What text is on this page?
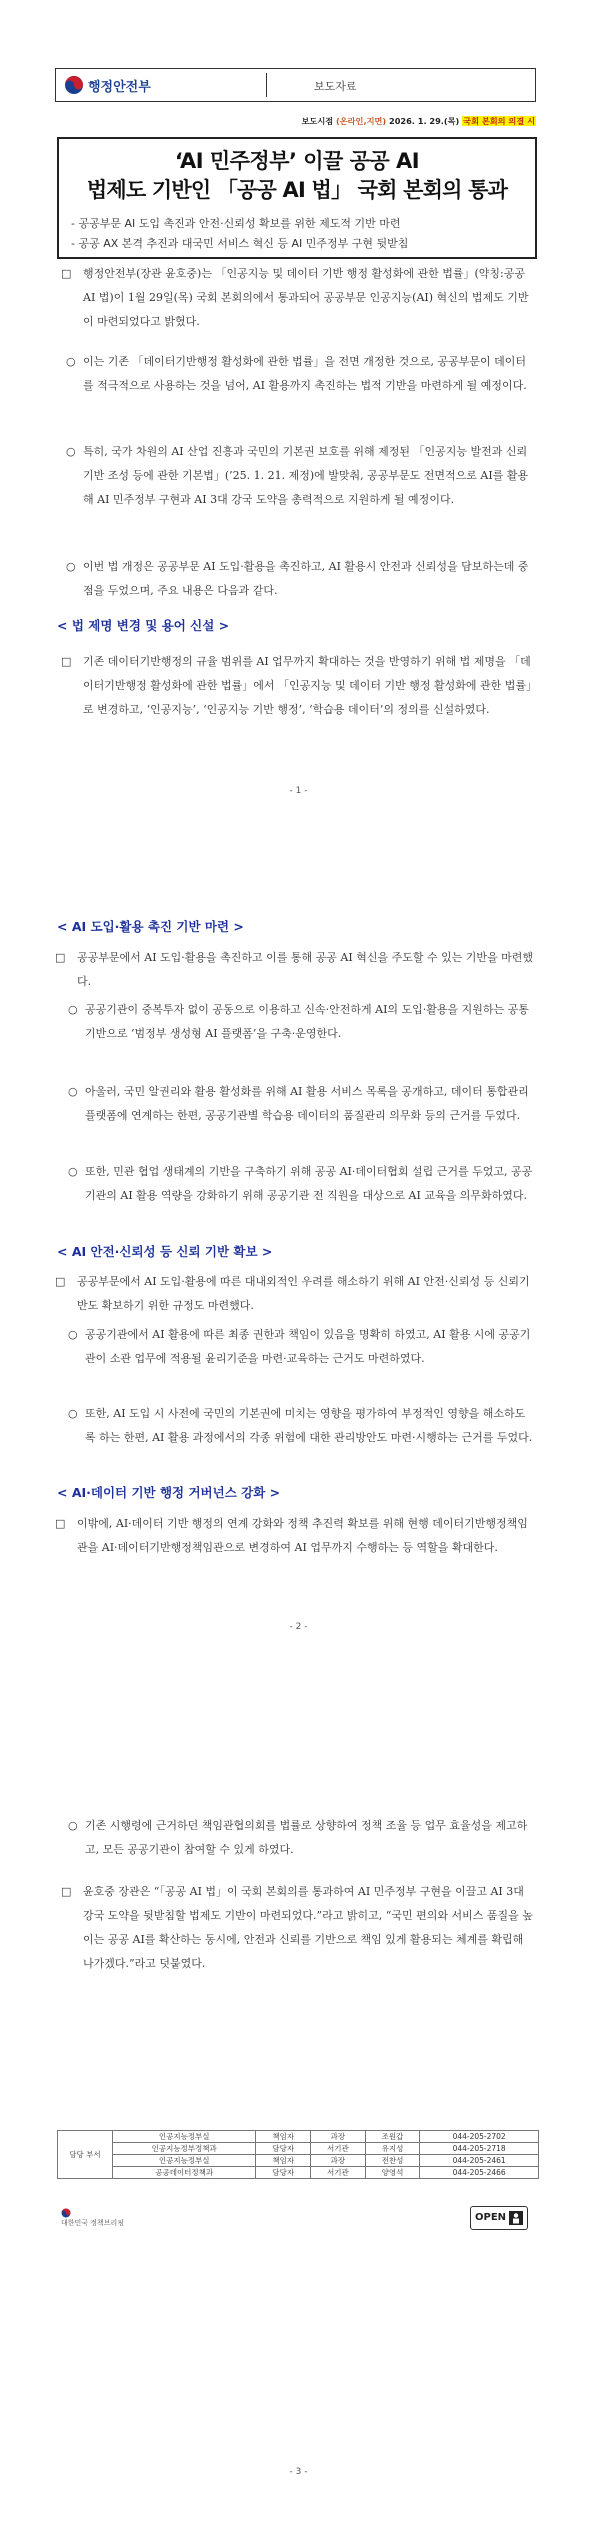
행정안전부	보도자료
보도시점 (온라인,지면) 2026. 1. 29.(목) 국회 본회의 의결 시
‘AI 민주정부’ 이끌 공공 AI
법제도 기반인 「공공 AI 법」 국회 본회의 통과
- 공공부문 AI 도입 촉진과 안전·신뢰성 확보를 위한 제도적 기반 마련
- 공공 AX 본격 추진과 대국민 서비스 혁신 등 AI 민주정부 구현 뒷받침
□ 행정안전부(장관 윤호중)는 「인공지능 및 데이터 기반 행정 활성화에 관한 법률」(약칭:공공 AI 법)이 1월 29일(목) 국회 본회의에서 통과되어 공공부문 인공지능(AI) 혁신의 법제도 기반이 마련되었다고 밝혔다.
○ 이는 기존 「데이터기반행정 활성화에 관한 법률」을 전면 개정한 것으로, 공공부문이 데이터를 적극적으로 사용하는 것을 넘어, AI 활용까지 촉진하는 법적 기반을 마련하게 될 예정이다.
○ 특히, 국가 차원의 AI 산업 진흥과 국민의 기본권 보호를 위해 제정된 「인공지능 발전과 신뢰 기반 조성 등에 관한 기본법」(’25. 1. 21. 제정)에 발맞춰, 공공부문도 전면적으로 AI를 활용해 AI 민주정부 구현과 AI 3대 강국 도약을 총력적으로 지원하게 될 예정이다.
○ 이번 법 개정은 공공부문 AI 도입·활용을 촉진하고, AI 활용시 안전과 신뢰성을 담보하는데 중점을 두었으며, 주요 내용은 다음과 같다.
< 법 제명 변경 및 용어 신설 >
□ 기존 데이터기반행정의 규율 범위를 AI 업무까지 확대하는 것을 반영하기 위해 법 제명을 「데이터기반행정 활성화에 관한 법률」에서 「인공지능 및 데이터 기반 행정 활성화에 관한 법률」로 변경하고, ‘인공지능’, ‘인공지능 기반 행정’, ‘학습용 데이터’의 정의를 신설하였다.
- 1 -
< AI 도입·활용 촉진 기반 마련 >
□ 공공부문에서 AI 도입·활용을 촉진하고 이를 통해 공공 AI 혁신을 주도할 수 있는 기반을 마련했다.
○ 공공기관이 중복투자 없이 공동으로 이용하고 신속·안전하게 AI의 도입·활용을 지원하는 공통기반으로 ‘범정부 생성형 AI 플랫폼’을 구축·운영한다.
○ 아울러, 국민 알권리와 활용 활성화를 위해 AI 활용 서비스 목록을 공개하고, 데이터 통합관리 플랫폼에 연계하는 한편, 공공기관별 학습용 데이터의 품질관리 의무화 등의 근거를 두었다.
○ 또한, 민관 협업 생태계의 기반을 구축하기 위해 공공 AI·데이터협회 설립 근거를 두었고, 공공기관의 AI 활용 역량을 강화하기 위해 공공기관 전 직원을 대상으로 AI 교육을 의무화하였다.
< AI 안전·신뢰성 등 신뢰 기반 확보 >
□ 공공부문에서 AI 도입·활용에 따른 대내외적인 우려를 해소하기 위해 AI 안전·신뢰성 등 신뢰기반도 확보하기 위한 규정도 마련했다.
○ 공공기관에서 AI 활용에 따른 최종 권한과 책임이 있음을 명확히 하였고, AI 활용 시에 공공기관이 소관 업무에 적용될 윤리기준을 마련·교육하는 근거도 마련하였다.
○ 또한, AI 도입 시 사전에 국민의 기본권에 미치는 영향을 평가하여 부정적인 영향을 해소하도록 하는 한편, AI 활용 과정에서의 각종 위험에 대한 관리방안도 마련·시행하는 근거를 두었다.
< AI·데이터 기반 행정 거버넌스 강화 >
□ 이밖에, AI·데이터 기반 행정의 연계 강화와 정책 추진력 확보를 위해 현행 데이터기반행정책임관을 AI·데이터기반행정책임관으로 변경하여 AI 업무까지 수행하는 등 역할을 확대한다.
- 2 -
○ 기존 시행령에 근거하던 책임관협의회를 법률로 상향하여 정책 조율 등 업무 효율성을 제고하고, 모든 공공기관이 참여할 수 있게 하였다.
□ 윤호중 장관은 “「공공 AI 법」이 국회 본회의를 통과하여 AI 민주정부 구현을 이끌고 AI 3대 강국 도약을 뒷받침할 법제도 기반이 마련되었다.”라고 밝히고, “국민 편의와 서비스 품질을 높이는 공공 AI를 확산하는 동시에, 안전과 신뢰를 기반으로 책임 있게 활용되는 체계를 확립해 나가겠다.”라고 덧붙였다.
담당 부서	인공지능정부실	책임자	과장	조원갑	044-205-2702
	인공지능정부정책과	담당자	서기관	유지성	044-205-2718
	인공지능정부실	책임자	과장	전찬성	044-205-2461
	공공데이터정책과	담당자	서기관	양영석	044-205-2466
대한민국 정책브리핑	OPEN
- 3 -
